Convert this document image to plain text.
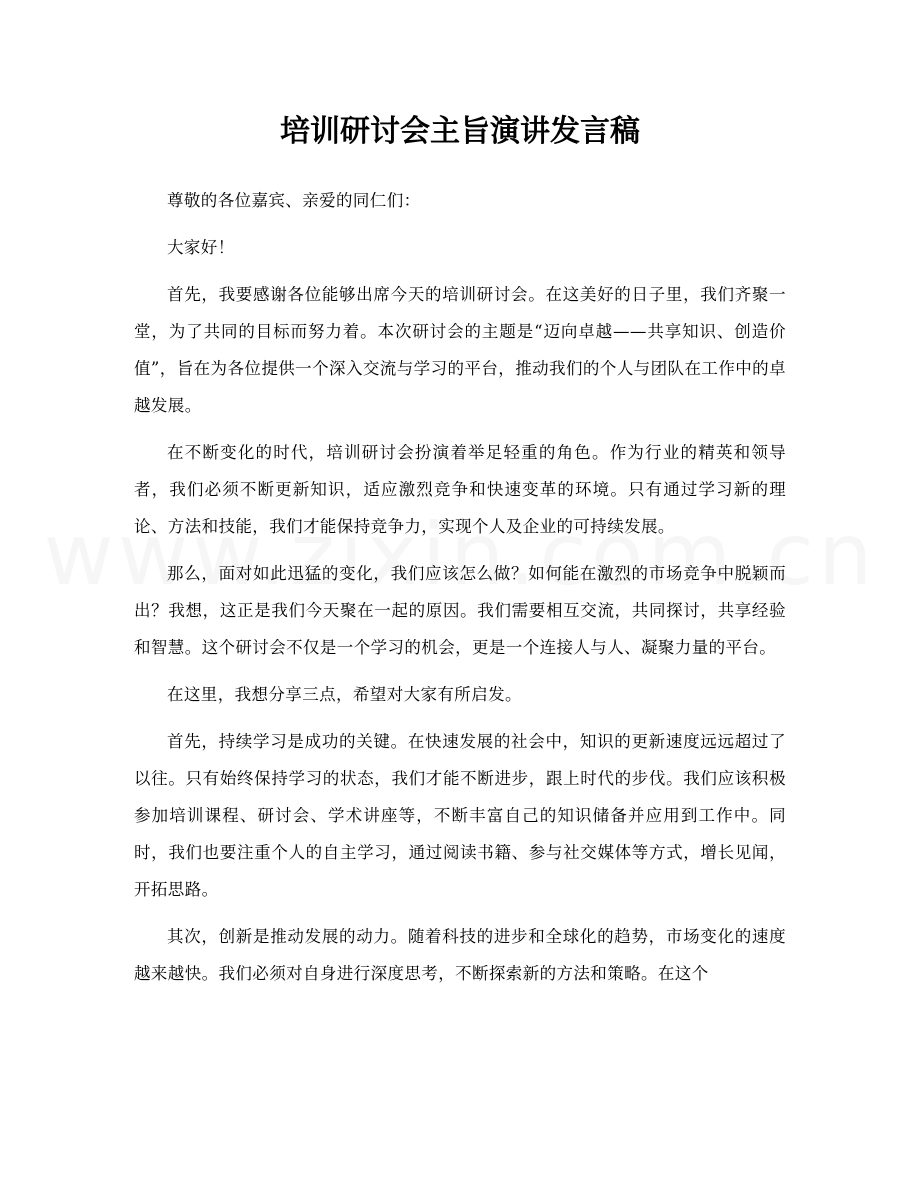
培训研讨会主旨演讲发言稿

尊敬的各位嘉宾、亲爱的同仁们：

大家好！

首先，我要感谢各位能够出席今天的培训研讨会。在这美好的日子里，我们齐聚一堂，为了共同的目标而努力着。本次研讨会的主题是“迈向卓越——共享知识、创造价值”，旨在为各位提供一个深入交流与学习的平台，推动我们的个人与团队在工作中的卓越发展。

在不断变化的时代，培训研讨会扮演着举足轻重的角色。作为行业的精英和领导者，我们必须不断更新知识，适应激烈竞争和快速变革的环境。只有通过学习新的理论、方法和技能，我们才能保持竞争力，实现个人及企业的可持续发展。

那么，面对如此迅猛的变化，我们应该怎么做？如何能在激烈的市场竞争中脱颖而出？我想，这正是我们今天聚在一起的原因。我们需要相互交流，共同探讨，共享经验和智慧。这个研讨会不仅是一个学习的机会，更是一个连接人与人、凝聚力量的平台。

在这里，我想分享三点，希望对大家有所启发。

首先，持续学习是成功的关键。在快速发展的社会中，知识的更新速度远远超过了以往。只有始终保持学习的状态，我们才能不断进步，跟上时代的步伐。我们应该积极参加培训课程、研讨会、学术讲座等，不断丰富自己的知识储备并应用到工作中。同时，我们也要注重个人的自主学习，通过阅读书籍、参与社交媒体等方式，增长见闻，开拓思路。

其次，创新是推动发展的动力。随着科技的进步和全球化的趋势，市场变化的速度越来越快。我们必须对自身进行深度思考，不断探索新的方法和策略。在这个
